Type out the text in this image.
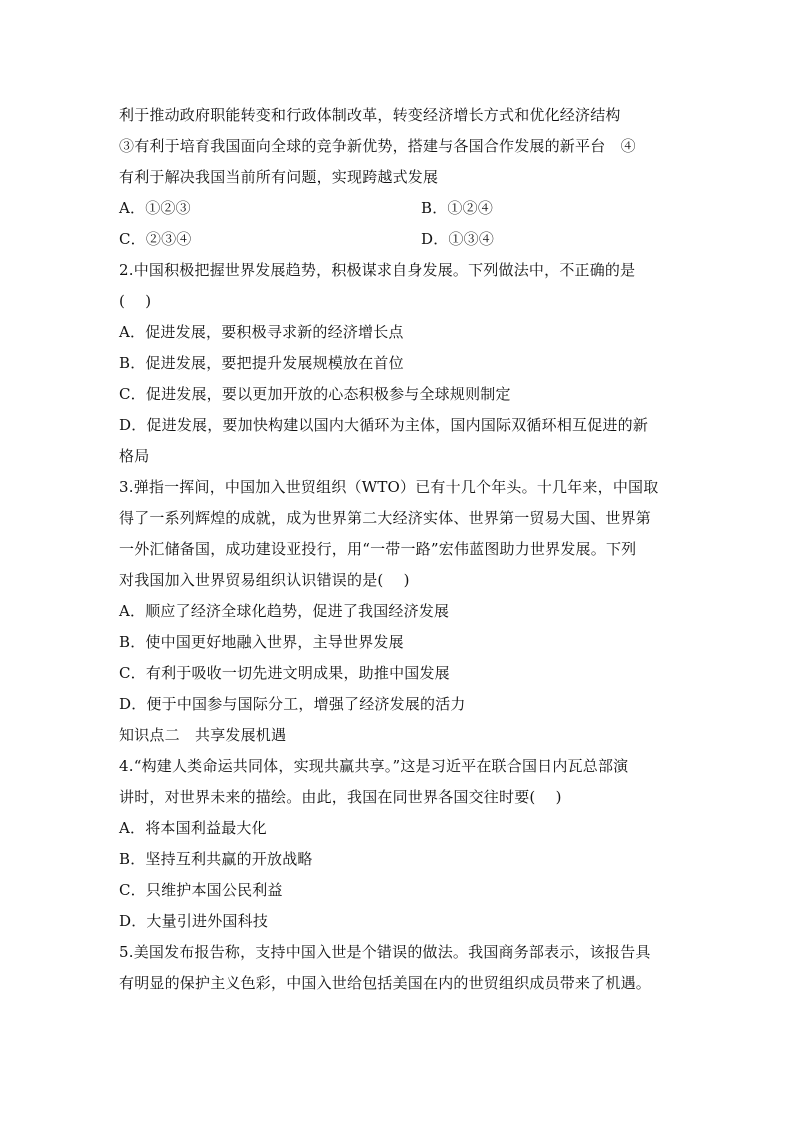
利于推动政府职能转变和行政体制改革，转变经济增长方式和优化经济结构
③有利于培育我国面向全球的竞争新优势，搭建与各国合作发展的新平台　④
有利于解决我国当前所有问题，实现跨越式发展
A．①②③	B．①②④
C．②③④	D．①③④
2.中国积极把握世界发展趋势，积极谋求自身发展。下列做法中，不正确的是
(　 )
A．促进发展，要积极寻求新的经济增长点
B．促进发展，要把提升发展规模放在首位
C．促进发展，要以更加开放的心态积极参与全球规则制定
D．促进发展，要加快构建以国内大循环为主体，国内国际双循环相互促进的新
格局
3.弹指一挥间，中国加入世贸组织（WTO）已有十几个年头。十几年来，中国取
得了一系列辉煌的成就，成为世界第二大经济实体、世界第一贸易大国、世界第
一外汇储备国，成功建设亚投行，用“一带一路”宏伟蓝图助力世界发展。下列
对我国加入世界贸易组织认识错误的是(　 )
A．顺应了经济全球化趋势，促进了我国经济发展
B．使中国更好地融入世界，主导世界发展
C．有利于吸收一切先进文明成果，助推中国发展
D．便于中国参与国际分工，增强了经济发展的活力
知识点二　共享发展机遇
4.“构建人类命运共同体，实现共赢共享。”这是习近平在联合国日内瓦总部演
讲时，对世界未来的描绘。由此，我国在同世界各国交往时要(　 )
A．将本国利益最大化
B．坚持互利共赢的开放战略
C．只维护本国公民利益
D．大量引进外国科技
5.美国发布报告称，支持中国入世是个错误的做法。我国商务部表示，该报告具
有明显的保护主义色彩，中国入世给包括美国在内的世贸组织成员带来了机遇。
